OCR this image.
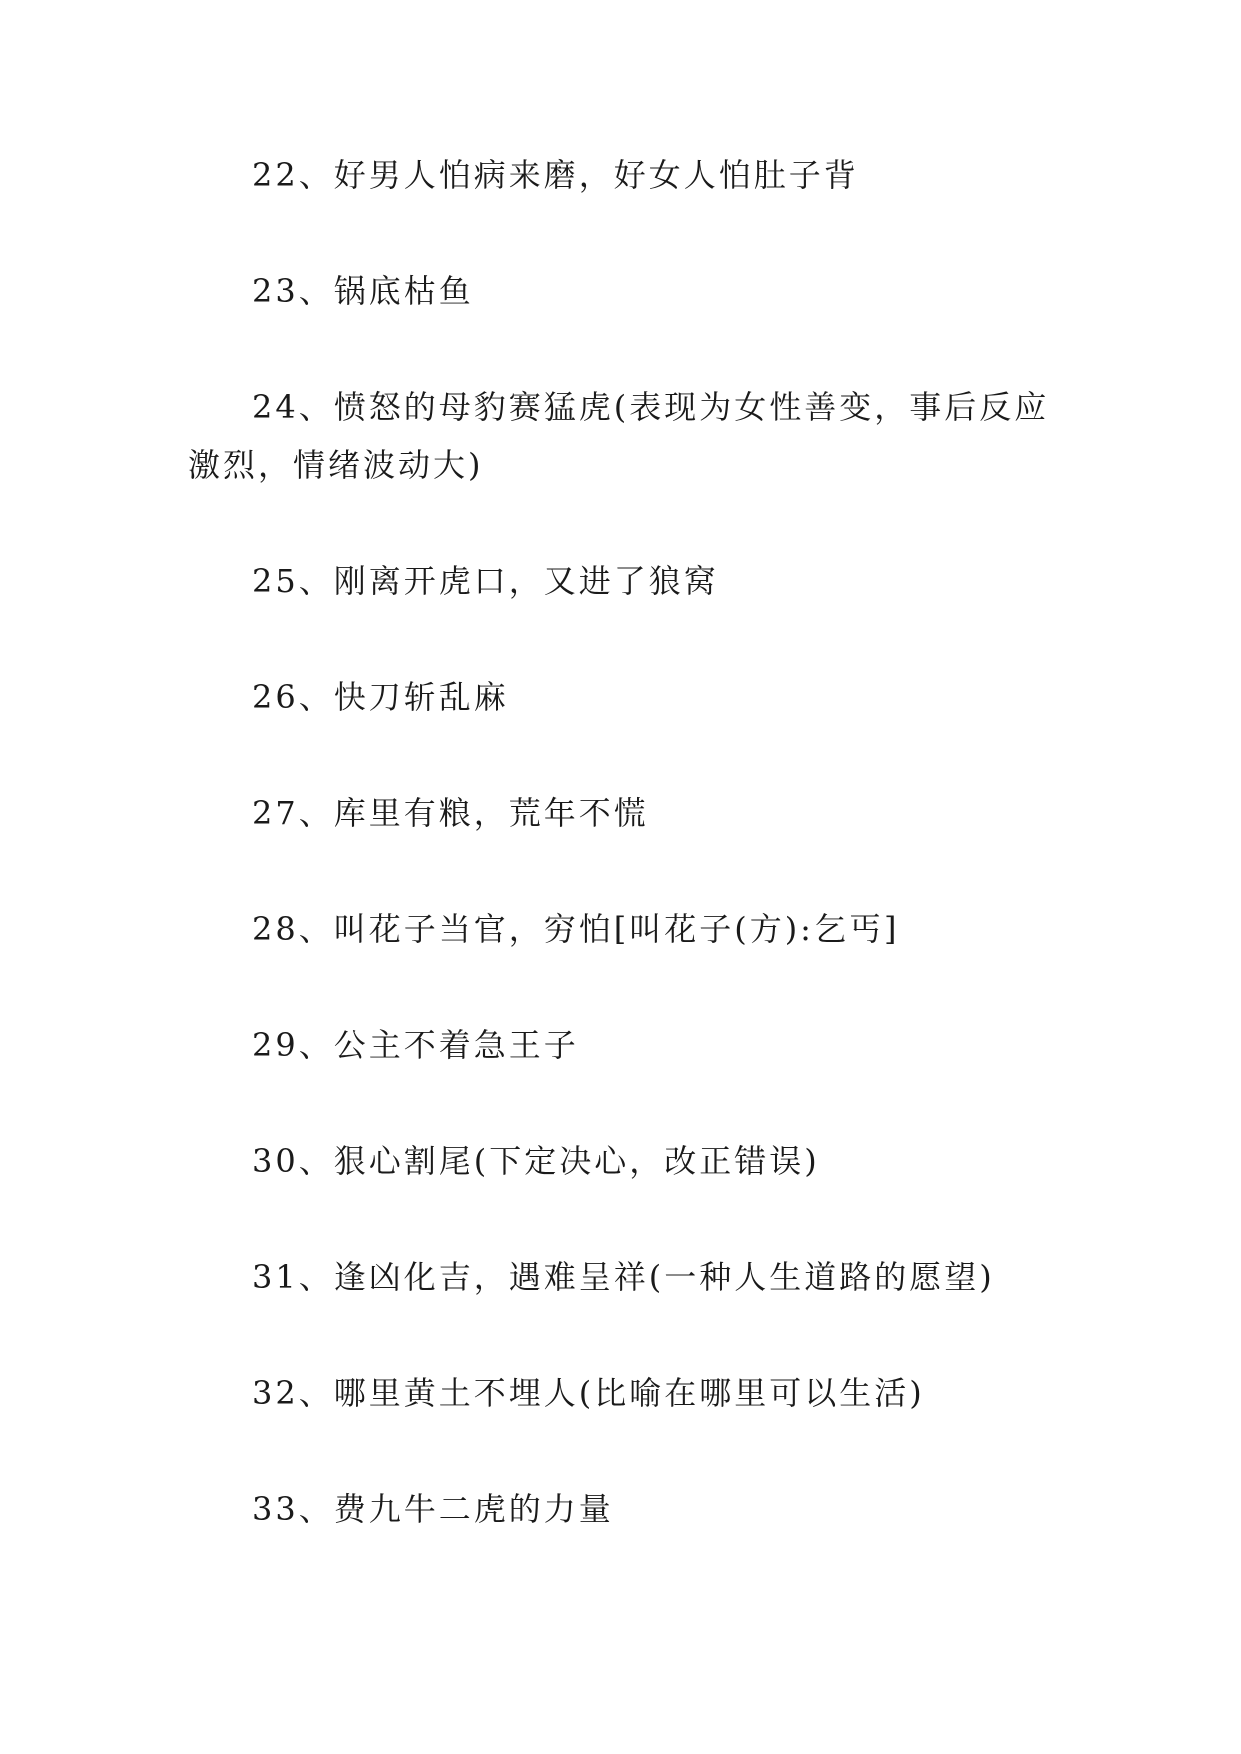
22、好男人怕病来磨，好女人怕肚子背

23、锅底枯鱼

24、愤怒的母豹赛猛虎(表现为女性善变，事后反应激烈，情绪波动大)

25、刚离开虎口，又进了狼窝

26、快刀斩乱麻

27、库里有粮，荒年不慌

28、叫花子当官，穷怕[叫花子(方):乞丐]

29、公主不着急王子

30、狠心割尾(下定决心，改正错误)

31、逢凶化吉，遇难呈祥(一种人生道路的愿望)

32、哪里黄土不埋人(比喻在哪里可以生活)

33、费九牛二虎的力量
